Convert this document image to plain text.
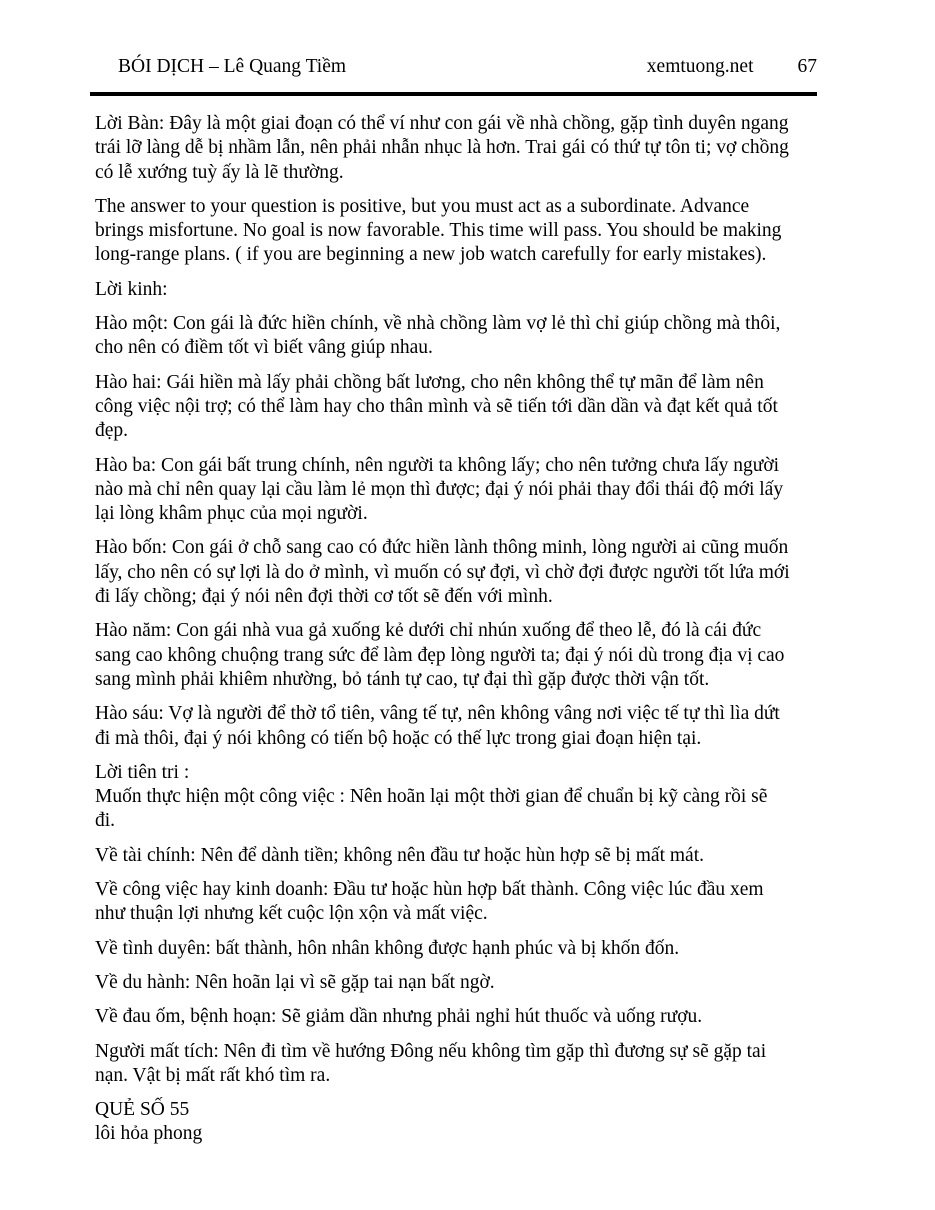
BÓI DỊCH – Lê Quang Tiềm	xemtuong.net 67

Lời Bàn: Đây là một giai đoạn có thể ví như con gái về nhà chồng, gặp tình duyên ngang trái lỡ làng dễ bị nhầm lẫn, nên phải nhẫn nhục là hơn. Trai gái có thứ tự tôn ti; vợ chồng có lễ xướng tuỳ ấy là lẽ thường.

The answer to your question is positive, but you must act as a subordinate. Advance brings misfortune. No goal is now favorable. This time will pass. You should be making long-range plans. ( if you are beginning a new job watch carefully for early mistakes).

Lời kinh:

Hào một: Con gái là đức hiền chính, về nhà chồng làm vợ lẻ thì chỉ giúp chồng mà thôi, cho nên có điềm tốt vì biết vâng giúp nhau.

Hào hai: Gái hiền mà lấy phải chồng bất lương, cho nên không thể tự mãn để làm nên công việc nội trợ; có thể làm hay cho thân mình và sẽ tiến tới dần dần và đạt kết quả tốt đẹp.

Hào ba: Con gái bất trung chính, nên người ta không lấy; cho nên tưởng chưa lấy người nào mà chỉ nên quay lại cầu làm lẻ mọn thì được; đại ý nói phải thay đổi thái độ mới lấy lại lòng khâm phục của mọi người.

Hào bốn: Con gái ở chỗ sang cao có đức hiền lành thông minh, lòng người ai cũng muốn lấy, cho nên có sự lợi là do ở mình, vì muốn có sự đợi, vì chờ đợi được người tốt lứa mới đi lấy chồng; đại ý nói nên đợi thời cơ tốt sẽ đến với mình.

Hào năm: Con gái nhà vua gả xuống kẻ dưới chỉ nhún xuống để theo lễ, đó là cái đức sang cao không chuộng trang sức để làm đẹp lòng người ta; đại ý nói dù trong địa vị cao sang mình phải khiêm nhường, bỏ tánh tự cao, tự đại thì gặp được thời vận tốt.

Hào sáu: Vợ là người để thờ tổ tiên, vâng tế tự, nên không vâng nơi việc tế tự thì lìa dứt đi mà thôi, đại ý nói không có tiến bộ hoặc có thế lực trong giai đoạn hiện tại.

Lời tiên tri :
Muốn thực hiện một công việc : Nên hoãn lại một thời gian để chuẩn bị kỹ càng rồi sẽ đi.

Về tài chính: Nên để dành tiền; không nên đầu tư hoặc hùn hợp sẽ bị mất mát.

Về công việc hay kinh doanh: Đầu tư hoặc hùn hợp bất thành. Công việc lúc đầu xem như thuận lợi nhưng kết cuộc lộn xộn và mất việc.

Về tình duyên: bất thành, hôn nhân không được hạnh phúc và bị khốn đốn.

Về du hành: Nên hoãn lại vì sẽ gặp tai nạn bất ngờ.

Về đau ốm, bệnh hoạn: Sẽ giảm dần nhưng phải nghỉ hút thuốc và uống rượu.

Người mất tích: Nên đi tìm về hướng Đông nếu không tìm gặp thì đương sự sẽ gặp tai nạn. Vật bị mất rất khó tìm ra.

QUẺ SỐ 55
lôi hỏa phong
